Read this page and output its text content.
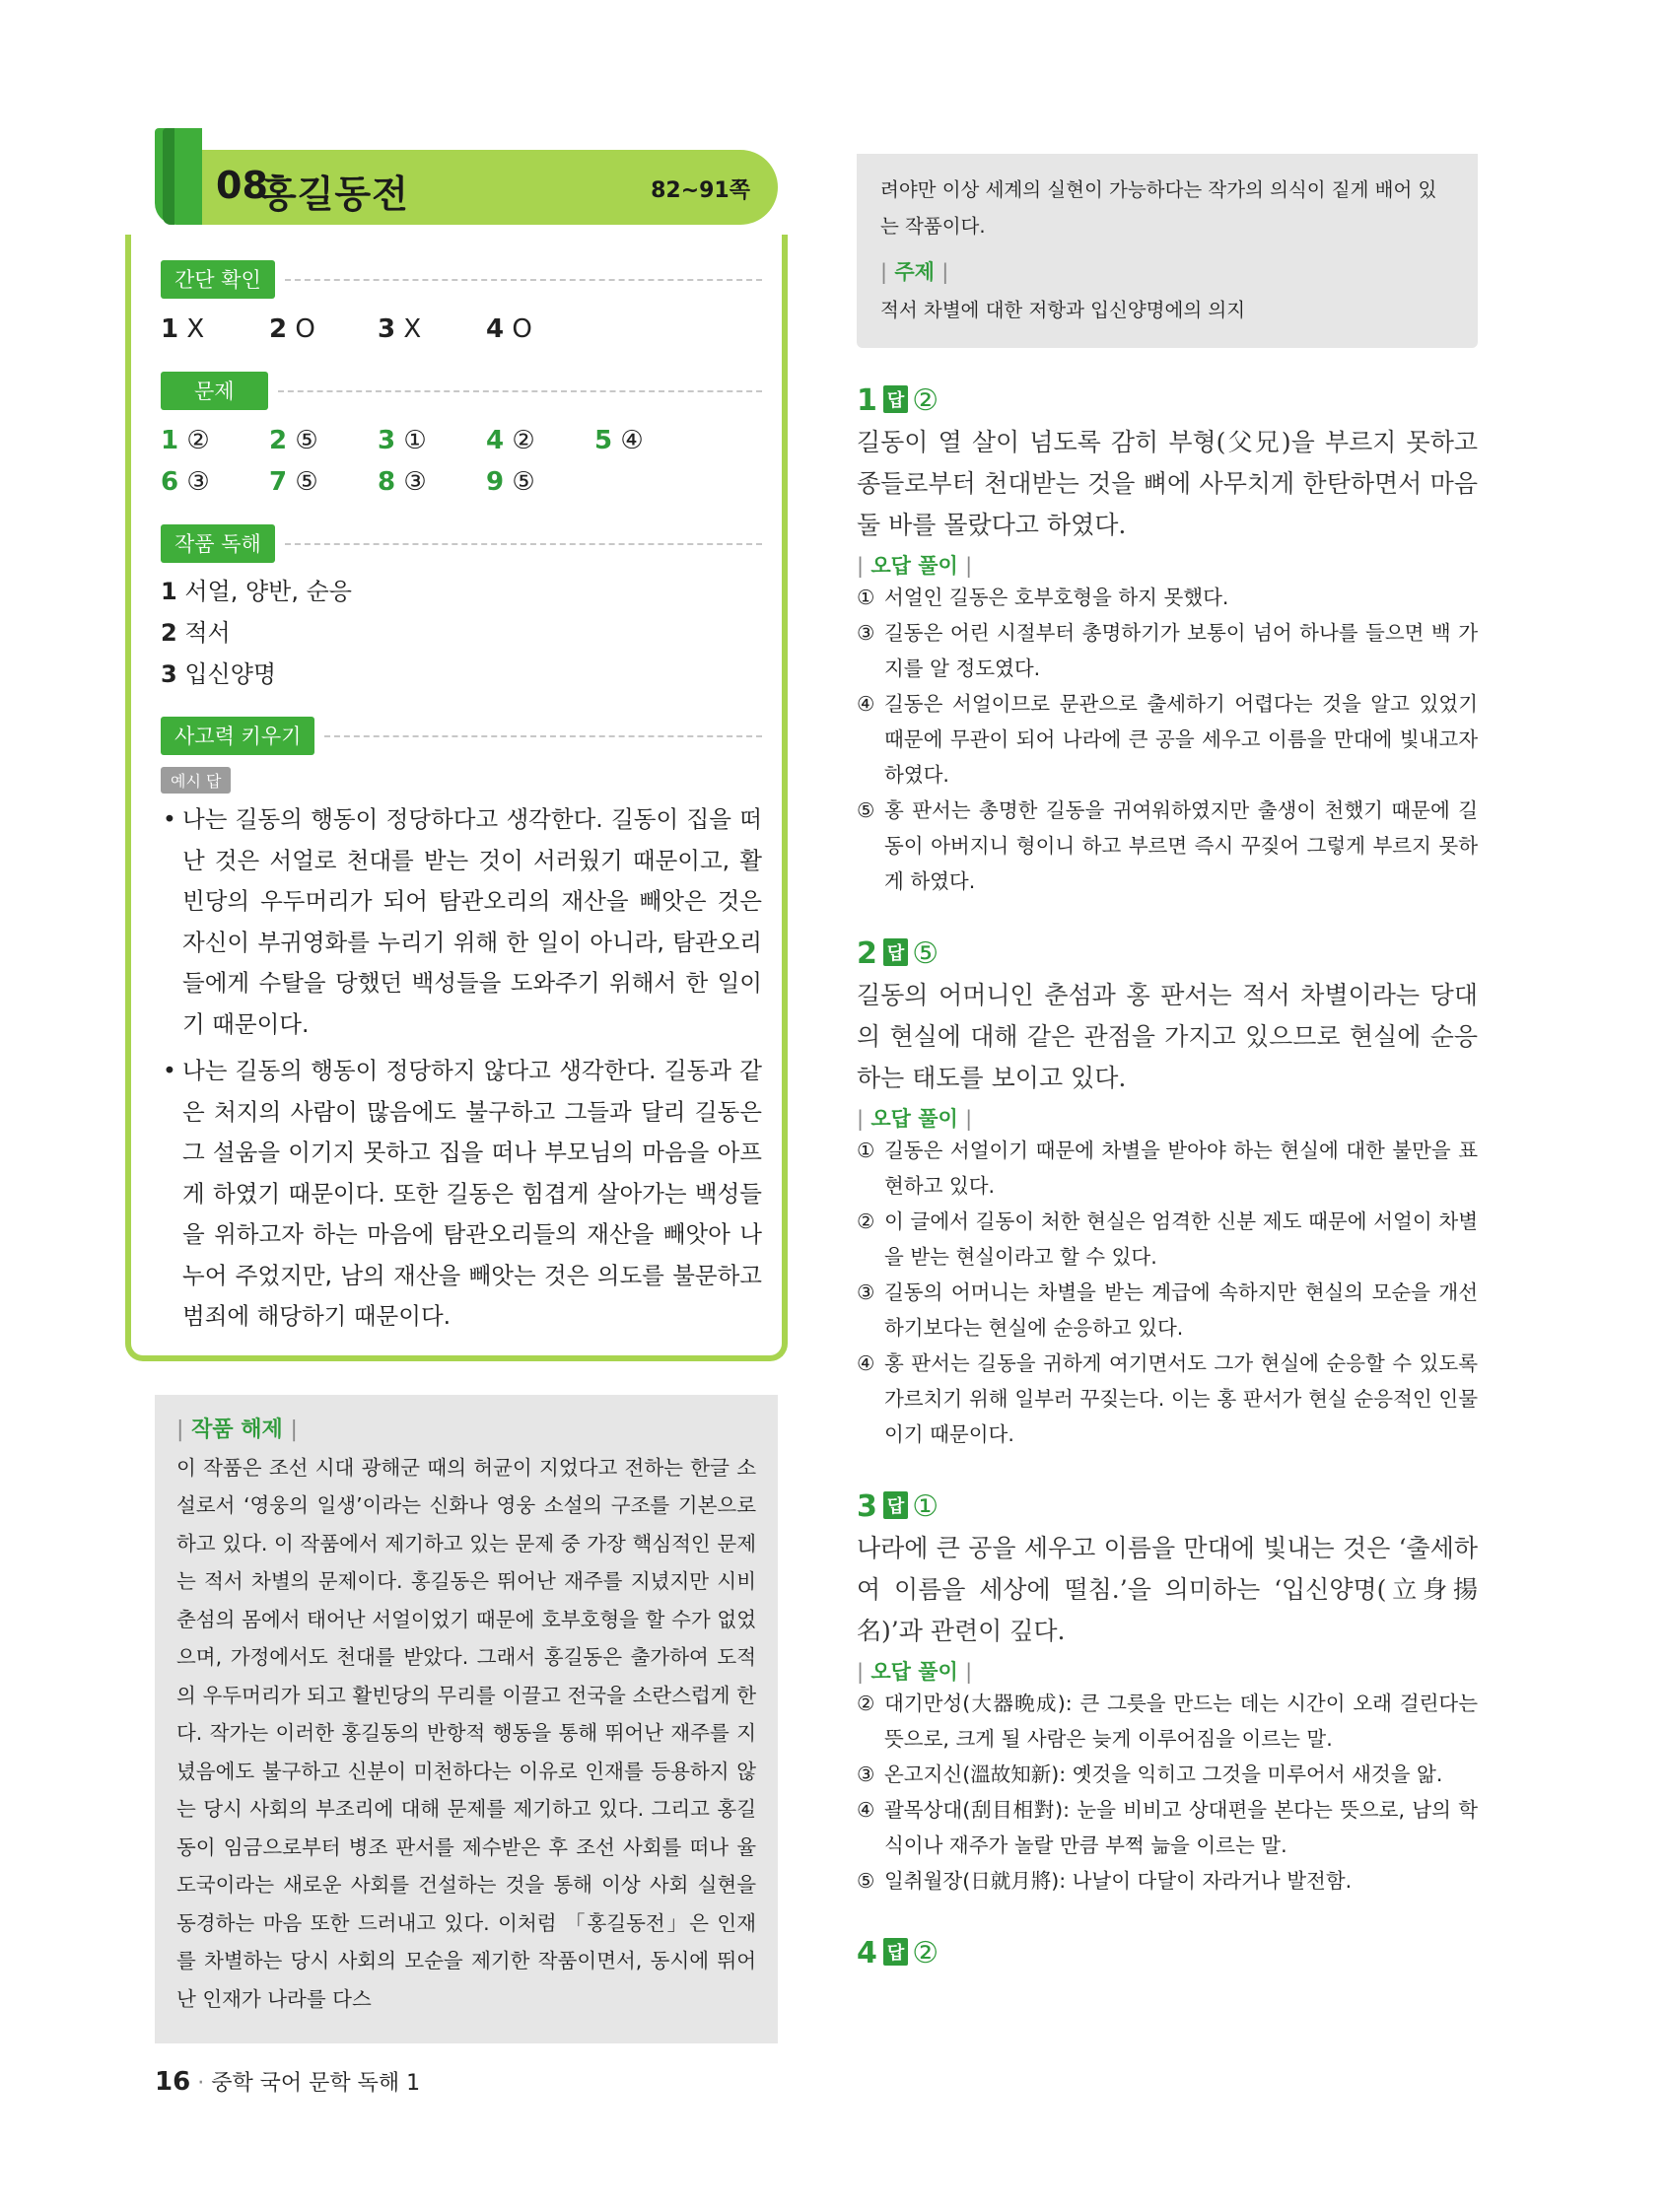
08
홍길동전	82~91쪽
간단 확인
1 X	2 O	3 X	4 O
문제
1 ②	2 ⑤	3 ①	4 ②	5 ④
6 ③	7 ⑤	8 ③	9 ⑤
작품 독해
1 서얼, 양반, 순응
2 적서
3 입신양명
사고력 키우기
예시 답
• 나는 길동의 행동이 정당하다고 생각한다. 길동이 집을 떠난 것은 서얼로 천대를 받는 것이 서러웠기 때문이고, 활빈당의 우두머리가 되어 탐관오리의 재산을 빼앗은 것은 자신이 부귀영화를 누리기 위해 한 일이 아니라, 탐관오리들에게 수탈을 당했던 백성들을 도와주기 위해서 한 일이기 때문이다.
• 나는 길동의 행동이 정당하지 않다고 생각한다. 길동과 같은 처지의 사람이 많음에도 불구하고 그들과 달리 길동은 그 설움을 이기지 못하고 집을 떠나 부모님의 마음을 아프게 하였기 때문이다. 또한 길동은 힘겹게 살아가는 백성들을 위하고자 하는 마음에 탐관오리들의 재산을 빼앗아 나누어 주었지만, 남의 재산을 빼앗는 것은 의도를 불문하고 범죄에 해당하기 때문이다.
| 작품 해제 |

이 작품은 조선 시대 광해군 때의 허균이 지었다고 전하는 한글 소설로서 ‘영웅의 일생’이라는 신화나 영웅 소설의 구조를 기본으로 하고 있다. 이 작품에서 제기하고 있는 문제 중 가장 핵심적인 문제는 적서 차별의 문제이다. 홍길동은 뛰어난 재주를 지녔지만 시비 춘섬의 몸에서 태어난 서얼이었기 때문에 호부호형을 할 수가 없었으며, 가정에서도 천대를 받았다. 그래서 홍길동은 출가하여 도적의 우두머리가 되고 활빈당의 무리를 이끌고 전국을 소란스럽게 한다. 작가는 이러한 홍길동의 반항적 행동을 통해 뛰어난 재주를 지녔음에도 불구하고 신분이 미천하다는 이유로 인재를 등용하지 않는 당시 사회의 부조리에 대해 문제를 제기하고 있다. 그리고 홍길동이 임금으로부터 병조 판서를 제수받은 후 조선 사회를 떠나 율도국이라는 새로운 사회를 건설하는 것을 통해 이상 사회 실현을 동경하는 마음 또한 드러내고 있다. 이처럼 「홍길동전」은 인재를 차별하는 당시 사회의 모순을 제기한 작품이면서, 동시에 뛰어난 인재가 나라를 다스

려야만 이상 세계의 실현이 가능하다는 작가의 의식이 짙게 배어 있는 작품이다.

| 주제 |

적서 차별에 대한 저항과 입신양명에의 의지

1 답 ②
길동이 열 살이 넘도록 감히 부형(父兄)을 부르지 못하고 종들로부터 천대받는 것을 뼈에 사무치게 한탄하면서 마음 둘 바를 몰랐다고 하였다.
| 오답 풀이 |
① 서얼인 길동은 호부호형을 하지 못했다.
③ 길동은 어린 시절부터 총명하기가 보통이 넘어 하나를 들으면 백 가지를 알 정도였다.
④ 길동은 서얼이므로 문관으로 출세하기 어렵다는 것을 알고 있었기 때문에 무관이 되어 나라에 큰 공을 세우고 이름을 만대에 빛내고자 하였다.
⑤ 홍 판서는 총명한 길동을 귀여워하였지만 출생이 천했기 때문에 길동이 아버지니 형이니 하고 부르면 즉시 꾸짖어 그렇게 부르지 못하게 하였다.
2 답 ⑤
길동의 어머니인 춘섬과 홍 판서는 적서 차별이라는 당대의 현실에 대해 같은 관점을 가지고 있으므로 현실에 순응하는 태도를 보이고 있다.
| 오답 풀이 |
① 길동은 서얼이기 때문에 차별을 받아야 하는 현실에 대한 불만을 표현하고 있다.
② 이 글에서 길동이 처한 현실은 엄격한 신분 제도 때문에 서얼이 차별을 받는 현실이라고 할 수 있다.
③ 길동의 어머니는 차별을 받는 계급에 속하지만 현실의 모순을 개선하기보다는 현실에 순응하고 있다.
④ 홍 판서는 길동을 귀하게 여기면서도 그가 현실에 순응할 수 있도록 가르치기 위해 일부러 꾸짖는다. 이는 홍 판서가 현실 순응적인 인물이기 때문이다.
3 답 ①
나라에 큰 공을 세우고 이름을 만대에 빛내는 것은 ‘출세하여 이름을 세상에 떨침.’을 의미하는 ‘입신양명(立身揚名)’과 관련이 깊다.
| 오답 풀이 |
② 대기만성(大器晩成): 큰 그릇을 만드는 데는 시간이 오래 걸린다는 뜻으로, 크게 될 사람은 늦게 이루어짐을 이르는 말.
③ 온고지신(溫故知新): 옛것을 익히고 그것을 미루어서 새것을 앎.
④ 괄목상대(刮目相對): 눈을 비비고 상대편을 본다는 뜻으로, 남의 학식이나 재주가 놀랄 만큼 부쩍 늚을 이르는 말.
⑤ 일취월장(日就月將): 나날이 다달이 자라거나 발전함.
4 답 ②
16 · 중학 국어 문학 독해 1
